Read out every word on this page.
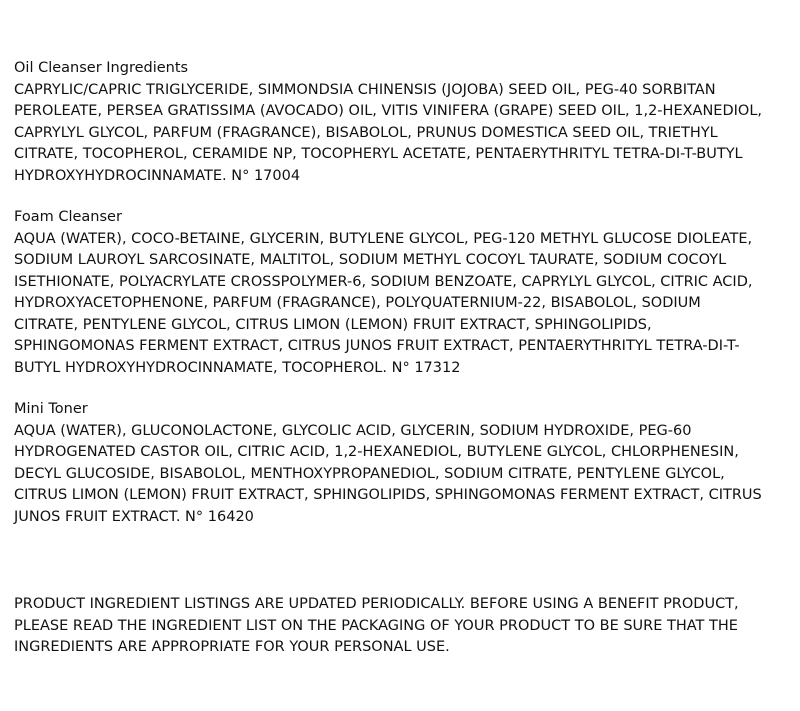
Oil Cleanser Ingredients

CAPRYLIC/CAPRIC TRIGLYCERIDE, SIMMONDSIA CHINENSIS (JOJOBA) SEED OIL, PEG-40 SORBITAN
PEROLEATE, PERSEA GRATISSIMA (AVOCADO) OIL, VITIS VINIFERA (GRAPE) SEED OIL, 1,2-HEXANEDIOL,
CAPRYLYL GLYCOL, PARFUM (FRAGRANCE), BISABOLOL, PRUNUS DOMESTICA SEED OIL, TRIETHYL
CITRATE, TOCOPHEROL, CERAMIDE NP, TOCOPHERYL ACETATE, PENTAERYTHRITYL TETRA-DI-T-BUTYL
HYDROXYHYDROCINNAMATE. N° 17004

Foam Cleanser

AQUA (WATER), COCO-BETAINE, GLYCERIN, BUTYLENE GLYCOL, PEG-120 METHYL GLUCOSE DIOLEATE,
SODIUM LAUROYL SARCOSINATE, MALTITOL, SODIUM METHYL COCOYL TAURATE, SODIUM COCOYL
ISETHIONATE, POLYACRYLATE CROSSPOLYMER-6, SODIUM BENZOATE, CAPRYLYL GLYCOL, CITRIC ACID,
HYDROXYACETOPHENONE, PARFUM (FRAGRANCE), POLYQUATERNIUM-22, BISABOLOL, SODIUM
CITRATE, PENTYLENE GLYCOL, CITRUS LIMON (LEMON) FRUIT EXTRACT, SPHINGOLIPIDS,
SPHINGOMONAS FERMENT EXTRACT, CITRUS JUNOS FRUIT EXTRACT, PENTAERYTHRITYL TETRA-DI-T-
BUTYL HYDROXYHYDROCINNAMATE, TOCOPHEROL. N° 17312

Mini Toner

AQUA (WATER), GLUCONOLACTONE, GLYCOLIC ACID, GLYCERIN, SODIUM HYDROXIDE, PEG-60
HYDROGENATED CASTOR OIL, CITRIC ACID, 1,2-HEXANEDIOL, BUTYLENE GLYCOL, CHLORPHENESIN,
DECYL GLUCOSIDE, BISABOLOL, MENTHOXYPROPANEDIOL, SODIUM CITRATE, PENTYLENE GLYCOL,
CITRUS LIMON (LEMON) FRUIT EXTRACT, SPHINGOLIPIDS, SPHINGOMONAS FERMENT EXTRACT, CITRUS
JUNOS FRUIT EXTRACT. N° 16420

PRODUCT INGREDIENT LISTINGS ARE UPDATED PERIODICALLY. BEFORE USING A BENEFIT PRODUCT,
PLEASE READ THE INGREDIENT LIST ON THE PACKAGING OF YOUR PRODUCT TO BE SURE THAT THE
INGREDIENTS ARE APPROPRIATE FOR YOUR PERSONAL USE.
